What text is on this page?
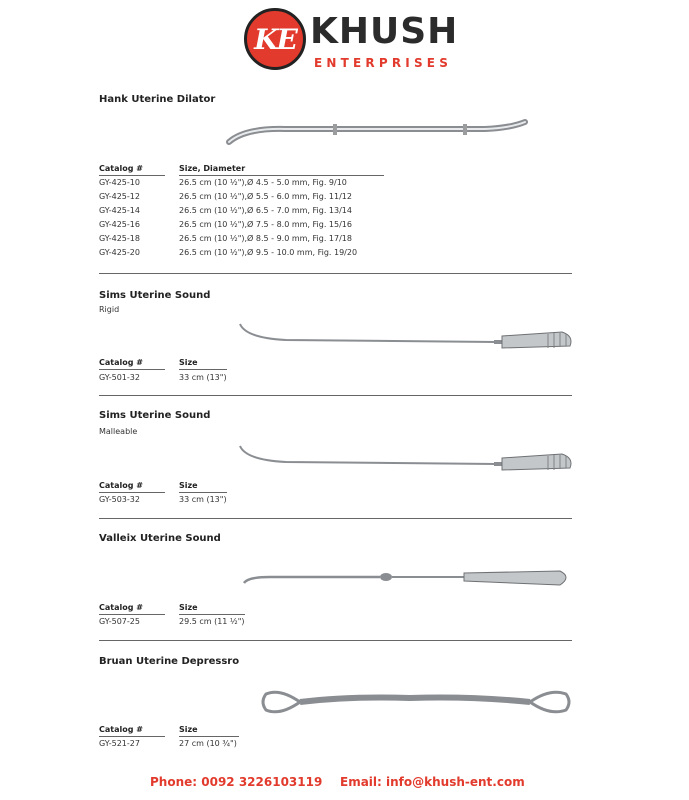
KE KHUSH
ENTERPRISES
Hank Uterine Dilator
Catalog #	Size, Diameter
GY-425-10	26.5 cm (10 ½"),Ø 4.5 - 5.0 mm, Fig. 9/10
GY-425-12	26.5 cm (10 ½"),Ø 5.5 - 6.0 mm, Fig. 11/12
GY-425-14	26.5 cm (10 ½"),Ø 6.5 - 7.0 mm, Fig. 13/14
GY-425-16	26.5 cm (10 ½"),Ø 7.5 - 8.0 mm, Fig. 15/16
GY-425-18	26.5 cm (10 ½"),Ø 8.5 - 9.0 mm, Fig. 17/18
GY-425-20	26.5 cm (10 ½"),Ø 9.5 - 10.0 mm, Fig. 19/20
Sims Uterine Sound
Rigid
Catalog #	Size
GY-501-32	33 cm (13")
Sims Uterine Sound
Malleable
Catalog #	Size
GY-503-32	33 cm (13")
Valleix Uterine Sound
Catalog #	Size
GY-507-25	29.5 cm (11 ½")
Bruan Uterine Depressro
Catalog #	Size
GY-521-27	27 cm (10 ¾")
Phone: 0092 3226103119 Email: info@khush-ent.com
